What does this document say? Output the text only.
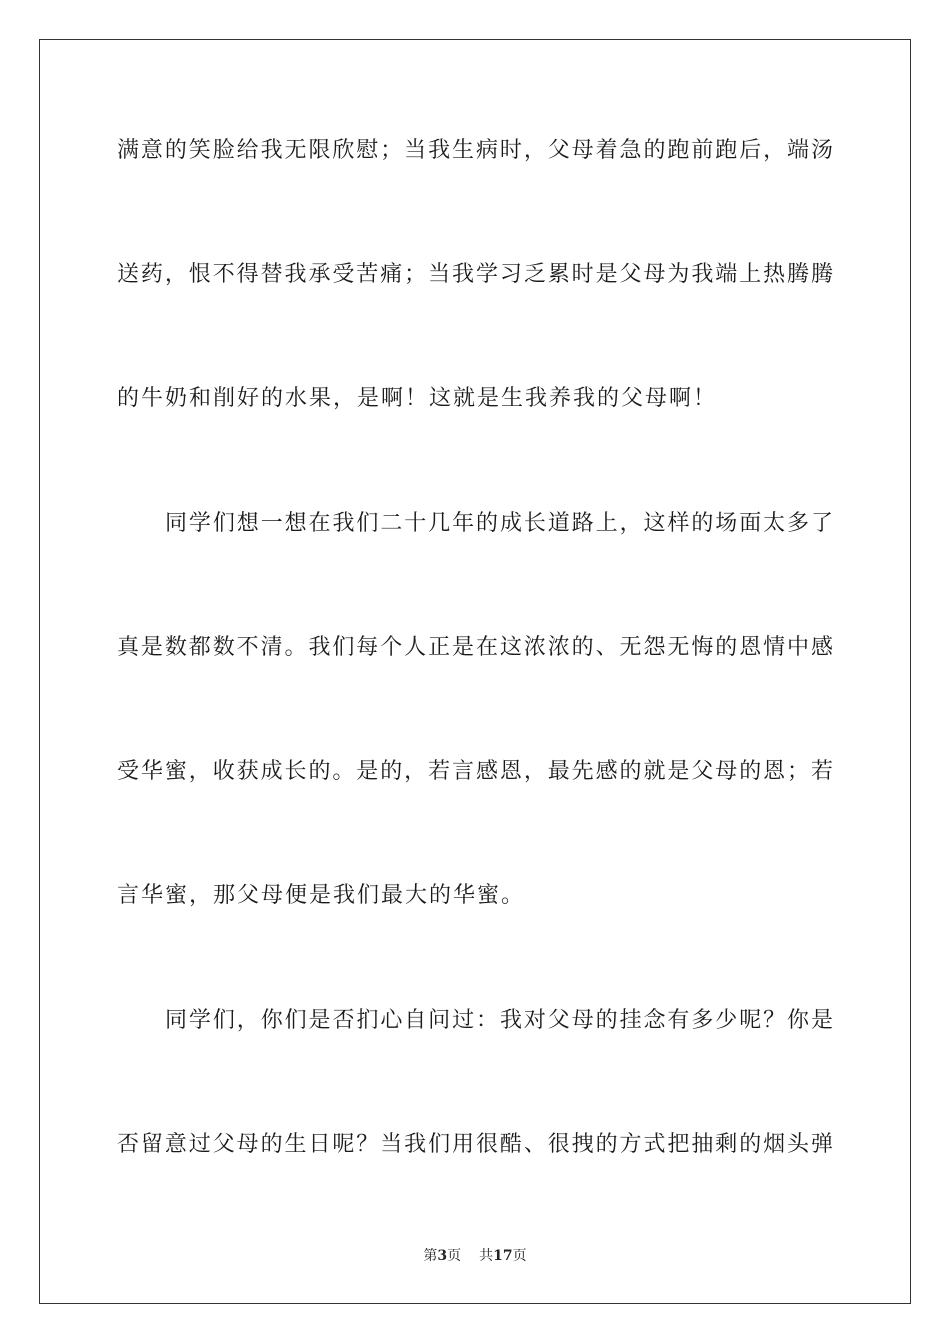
满意的笑脸给我无限欣慰；当我生病时，父母着急的跑前跑后，端汤
送药，恨不得替我承受苦痛；当我学习乏累时是父母为我端上热腾腾
的牛奶和削好的水果，是啊！这就是生我养我的父母啊！
同学们想一想在我们二十几年的成长道路上，这样的场面太多了
真是数都数不清。我们每个人正是在这浓浓的、无怨无悔的恩情中感
受华蜜，收获成长的。是的，若言感恩，最先感的就是父母的恩；若
言华蜜，那父母便是我们最大的华蜜。
同学们，你们是否扪心自问过：我对父母的挂念有多少呢？你是
否留意过父母的生日呢？当我们用很酷、很拽的方式把抽剩的烟头弹
第3页 共17页
